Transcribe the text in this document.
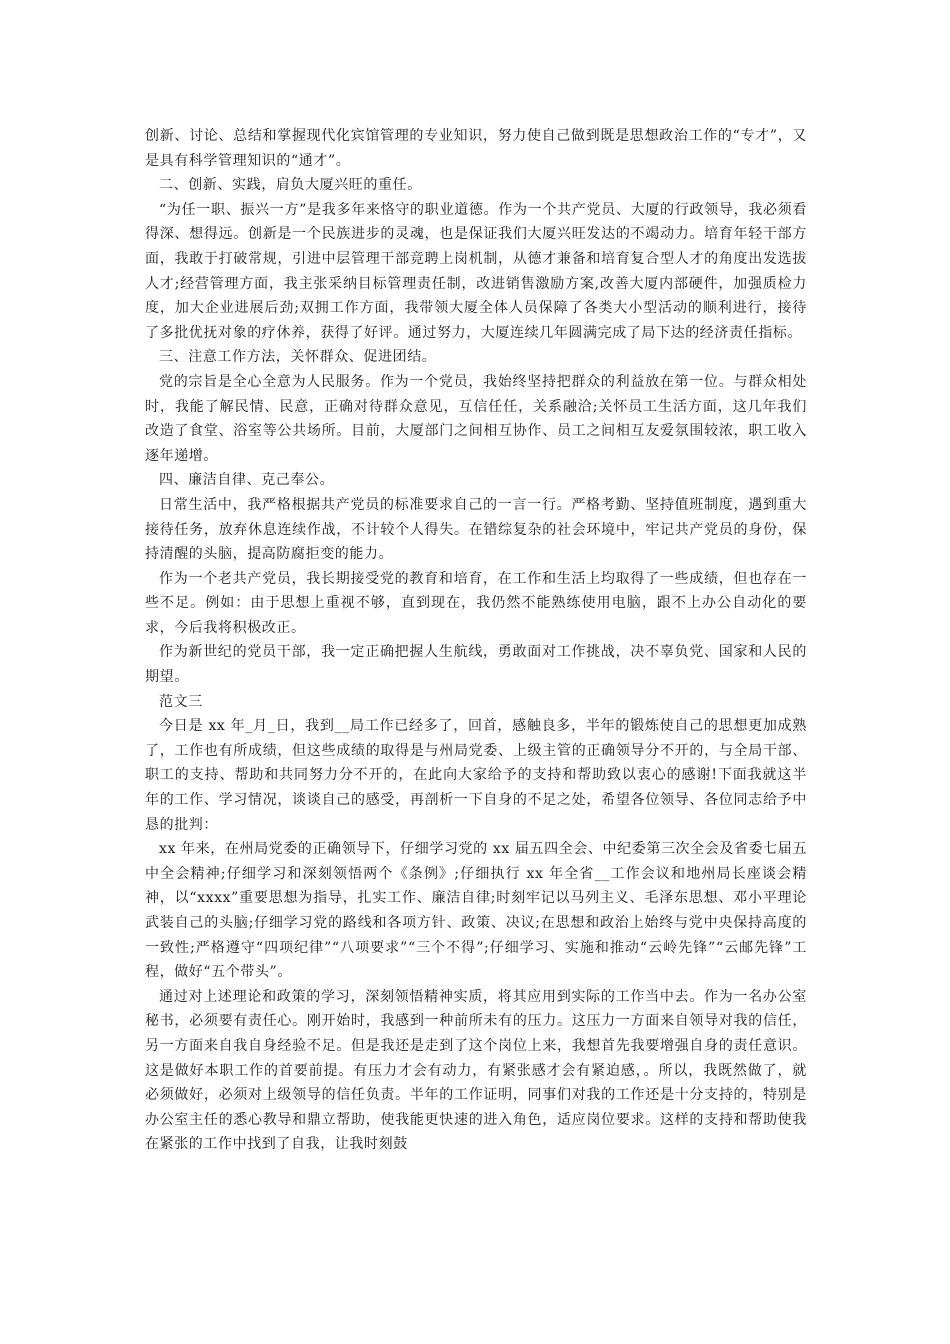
创新、讨论、总结和掌握现代化宾馆管理的专业知识，努力使自己做到既是思想政治工作的“专才”，又是具有科学管理知识的“通才”。

二、创新、实践，肩负大厦兴旺的重任。

“为任一职、振兴一方”是我多年来恪守的职业道德。作为一个共产党员、大厦的行政领导，我必须看得深、想得远。创新是一个民族进步的灵魂，也是保证我们大厦兴旺发达的不竭动力。培育年轻干部方面，我敢于打破常规，引进中层管理干部竞聘上岗机制，从德才兼备和培育复合型人才的角度出发选拔人才;经营管理方面，我主张采纳目标管理责任制，改进销售激励方案,改善大厦内部硬件，加强质检力度，加大企业进展后劲;双拥工作方面，我带领大厦全体人员保障了各类大小型活动的顺利进行，接待了多批优抚对象的疗休养，获得了好评。通过努力，大厦连续几年圆满完成了局下达的经济责任指标。

三、注意工作方法，关怀群众、促进团结。

党的宗旨是全心全意为人民服务。作为一个党员，我始终坚持把群众的利益放在第一位。与群众相处时，我能了解民情、民意，正确对待群众意见，互信任任，关系融洽;关怀员工生活方面，这几年我们改造了食堂、浴室等公共场所。目前，大厦部门之间相互协作、员工之间相互友爱氛围较浓，职工收入逐年递增。

四、廉洁自律、克己奉公。

日常生活中，我严格根据共产党员的标准要求自己的一言一行。严格考勤、坚持值班制度，遇到重大接待任务，放弃休息连续作战，不计较个人得失。在错综复杂的社会环境中，牢记共产党员的身份，保持清醒的头脑，提高防腐拒变的能力。

作为一个老共产党员，我长期接受党的教育和培育，在工作和生活上均取得了一些成绩，但也存在一些不足。例如：由于思想上重视不够，直到现在，我仍然不能熟练使用电脑，跟不上办公自动化的要求，今后我将积极改正。

作为新世纪的党员干部，我一定正确把握人生航线，勇敢面对工作挑战，决不辜负党、国家和人民的期望。

范文三

今日是 xx 年_月_日，我到__局工作已经多了，回首，感触良多，半年的锻炼使自己的思想更加成熟了，工作也有所成绩，但这些成绩的取得是与州局党委、上级主管的正确领导分不开的，与全局干部、职工的支持、帮助和共同努力分不开的，在此向大家给予的支持和帮助致以衷心的感谢!下面我就这半年的工作、学习情况，谈谈自己的感受，再剖析一下自身的不足之处，希望各位领导、各位同志给予中恳的批判：

xx 年来，在州局党委的正确领导下，仔细学习党的 xx 届五四全会、中纪委第三次全会及省委七届五中全会精神;仔细学习和深刻领悟两个《条例》;仔细执行 xx 年全省__工作会议和地州局长座谈会精神，以“xxxx”重要思想为指导，扎实工作、廉洁自律;时刻牢记以马列主义、毛泽东思想、邓小平理论武装自己的头脑;仔细学习党的路线和各项方针、政策、决议;在思想和政治上始终与党中央保持高度的一致性;严格遵守“四项纪律”“八项要求”“三个不得”;仔细学习、实施和推动“云岭先锋”“云邮先锋”工程，做好“五个带头”。

通过对上述理论和政策的学习，深刻领悟精神实质，将其应用到实际的工作当中去。作为一名办公室秘书，必须要有责任心。刚开始时，我感到一种前所未有的压力。这压力一方面来自领导对我的信任，另一方面来自我自身经验不足。但是我还是走到了这个岗位上来，我想首先我要增强自身的责任意识。这是做好本职工作的首要前提。有压力才会有动力，有紧张感才会有紧迫感，。所以，我既然做了，就必须做好，必须对上级领导的信任负责。半年的工作证明，同事们对我的工作还是十分支持的，特别是办公室主任的悉心教导和鼎立帮助，使我能更快速的进入角色，适应岗位要求。这样的支持和帮助使我在紧张的工作中找到了自我，让我时刻鼓
